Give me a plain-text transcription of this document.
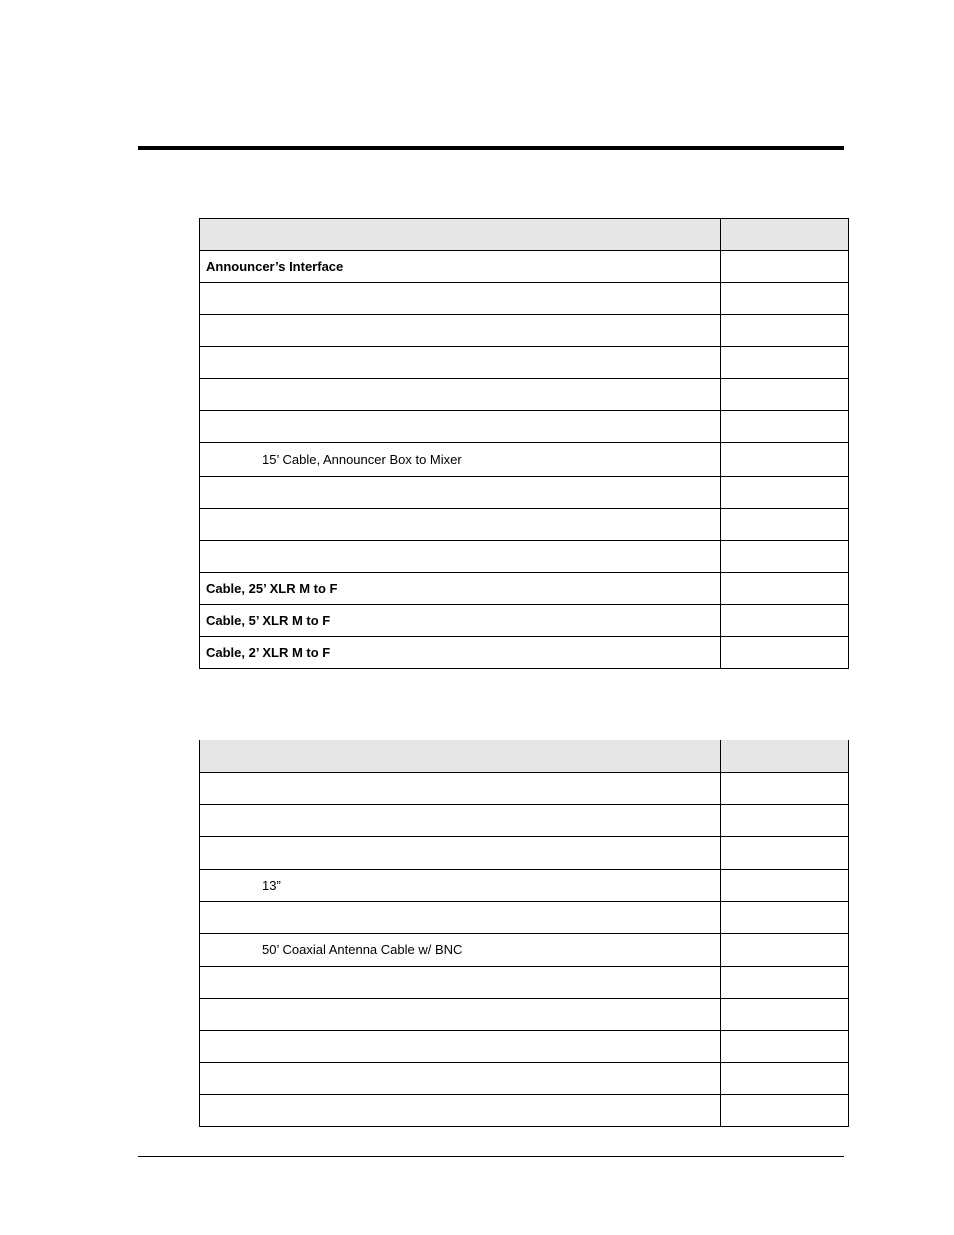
Announcer’s Interface	

15’ Cable, Announcer Box to Mixer	

Cable, 25’ XLR M to F	
Cable, 5’ XLR M to F	
Cable, 2’ XLR M to F	

13”	

50’ Coaxial Antenna Cable w/ BNC	
